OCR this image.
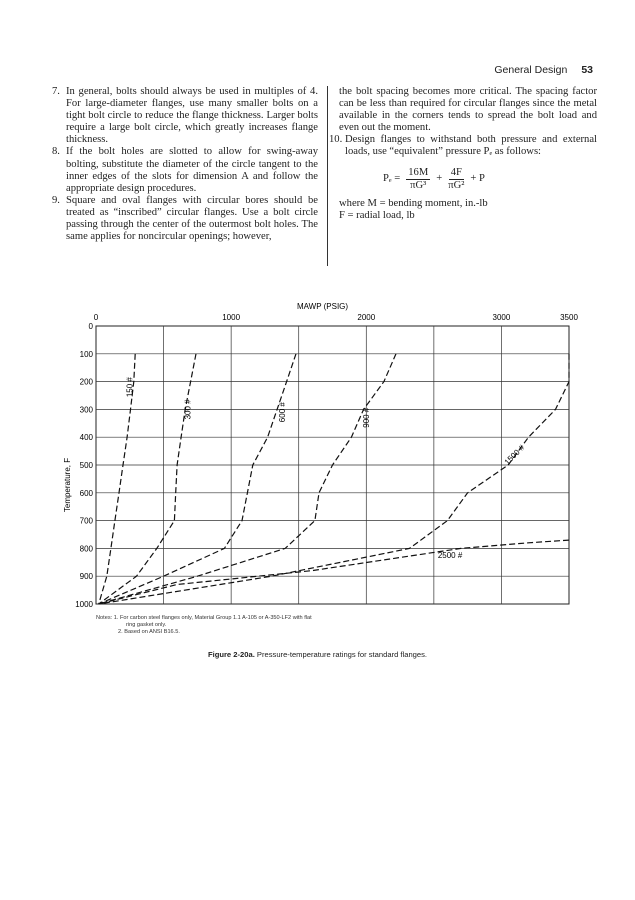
General Design 53

7. In general, bolts should always be used in multiples of 4. For large-diameter flanges, use many smaller bolts on a tight bolt circle to reduce the flange thickness. Larger bolts require a large bolt circle, which greatly increases flange thickness.

8. If the bolt holes are slotted to allow for swing-away bolting, substitute the diameter of the circle tangent to the inner edges of the slots for dimension A and follow the appropriate design procedures.

9. Square and oval flanges with circular bores should be treated as “inscribed” circular flanges. Use a bolt circle passing through the center of the outermost bolt holes. The same applies for noncircular openings; however,

the bolt spacing becomes more critical. The spacing factor can be less than required for circular flanges since the metal available in the corners tends to spread the bolt load and even out the moment.

10. Design flanges to withstand both pressure and external loads, use “equivalent” pressure Pₑ as follows:

$P_e = \frac{16M}{\text{πG³}} + \frac{4F}{\text{πG²}} + P$

where M = bending moment, in.-lb

F = radial load, lb

0
100
200
300
400
500
600
700
800
900
1000
0	1000	2000	3000	3500
150 #
300 #	600 #	900 #
1500 #
2500 #
MAWP (PSIG)
Temperature, F
Notes: 1. For carbon steel flanges only, Material Group 1.1 A-105 or A-350-LF2 with flat
ring gasket only.
2. Based on ANSI B16.5.
Figure 2-20a. Pressure-temperature ratings for standard flanges.
